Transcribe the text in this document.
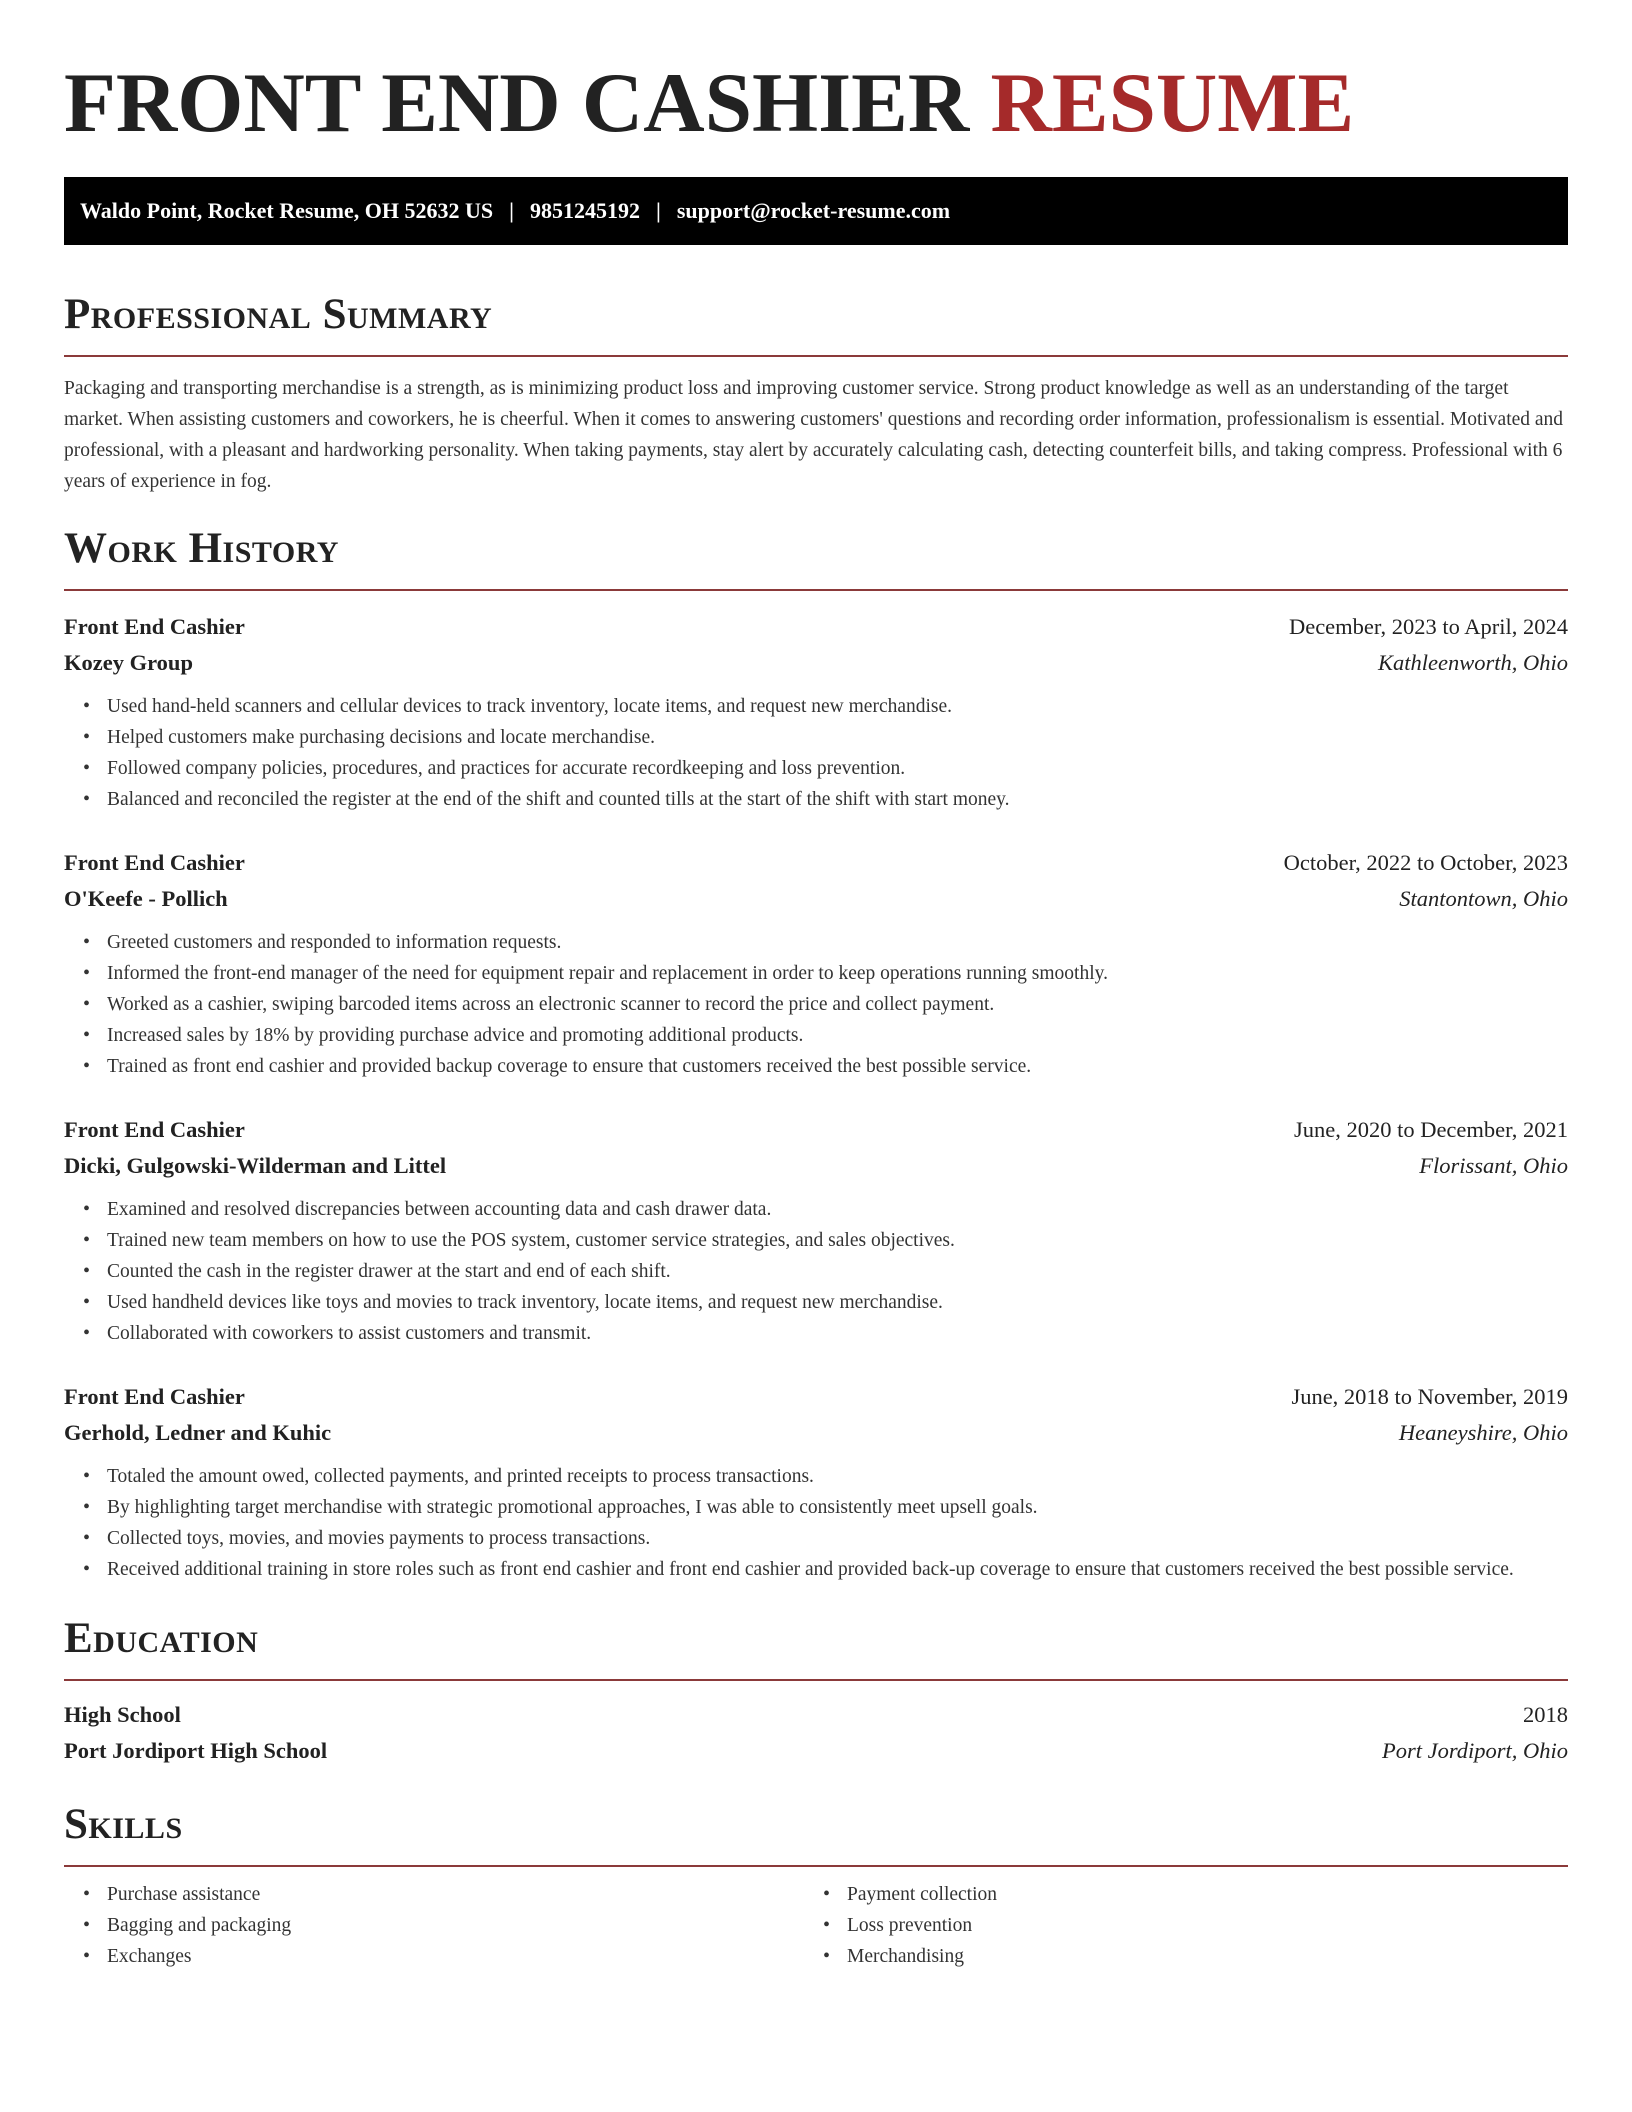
FRONT END CASHIER RESUME
Waldo Point, Rocket Resume, OH 52632 US | 9851245192 | support@rocket-resume.com
Professional Summary

Packaging and transporting merchandise is a strength, as is minimizing product loss and improving customer service. Strong product knowledge as well as an understanding of the target market. When assisting customers and coworkers, he is cheerful. When it comes to answering customers' questions and recording order information, professionalism is essential. Motivated and professional, with a pleasant and hardworking personality. When taking payments, stay alert by accurately calculating cash, detecting counterfeit bills, and taking compress. Professional with 6 years of experience in fog.

Work History
Front End Cashier	December, 2023 to April, 2024
Kozey Group	Kathleenworth, Ohio
• Used hand-held scanners and cellular devices to track inventory, locate items, and request new merchandise.
• Helped customers make purchasing decisions and locate merchandise.
• Followed company policies, procedures, and practices for accurate recordkeeping and loss prevention.
• Balanced and reconciled the register at the end of the shift and counted tills at the start of the shift with start money.
Front End Cashier	October, 2022 to October, 2023
O'Keefe - Pollich	Stantontown, Ohio
• Greeted customers and responded to information requests.
• Informed the front-end manager of the need for equipment repair and replacement in order to keep operations running smoothly.
• Worked as a cashier, swiping barcoded items across an electronic scanner to record the price and collect payment.
• Increased sales by 18% by providing purchase advice and promoting additional products.
• Trained as front end cashier and provided backup coverage to ensure that customers received the best possible service.
Front End Cashier	June, 2020 to December, 2021
Dicki, Gulgowski-Wilderman and Littel	Florissant, Ohio
• Examined and resolved discrepancies between accounting data and cash drawer data.
• Trained new team members on how to use the POS system, customer service strategies, and sales objectives.
• Counted the cash in the register drawer at the start and end of each shift.
• Used handheld devices like toys and movies to track inventory, locate items, and request new merchandise.
• Collaborated with coworkers to assist customers and transmit.
Front End Cashier	June, 2018 to November, 2019
Gerhold, Ledner and Kuhic	Heaneyshire, Ohio
• Totaled the amount owed, collected payments, and printed receipts to process transactions.
• By highlighting target merchandise with strategic promotional approaches, I was able to consistently meet upsell goals.
• Collected toys, movies, and movies payments to process transactions.
• Received additional training in store roles such as front end cashier and front end cashier and provided back-up coverage to ensure that customers received the best possible service.
Education
High School	2018
Port Jordiport High School	Port Jordiport, Ohio
Skills
• Purchase assistance
• Bagging and packaging
• Exchanges
• Payment collection
• Loss prevention
• Merchandising
